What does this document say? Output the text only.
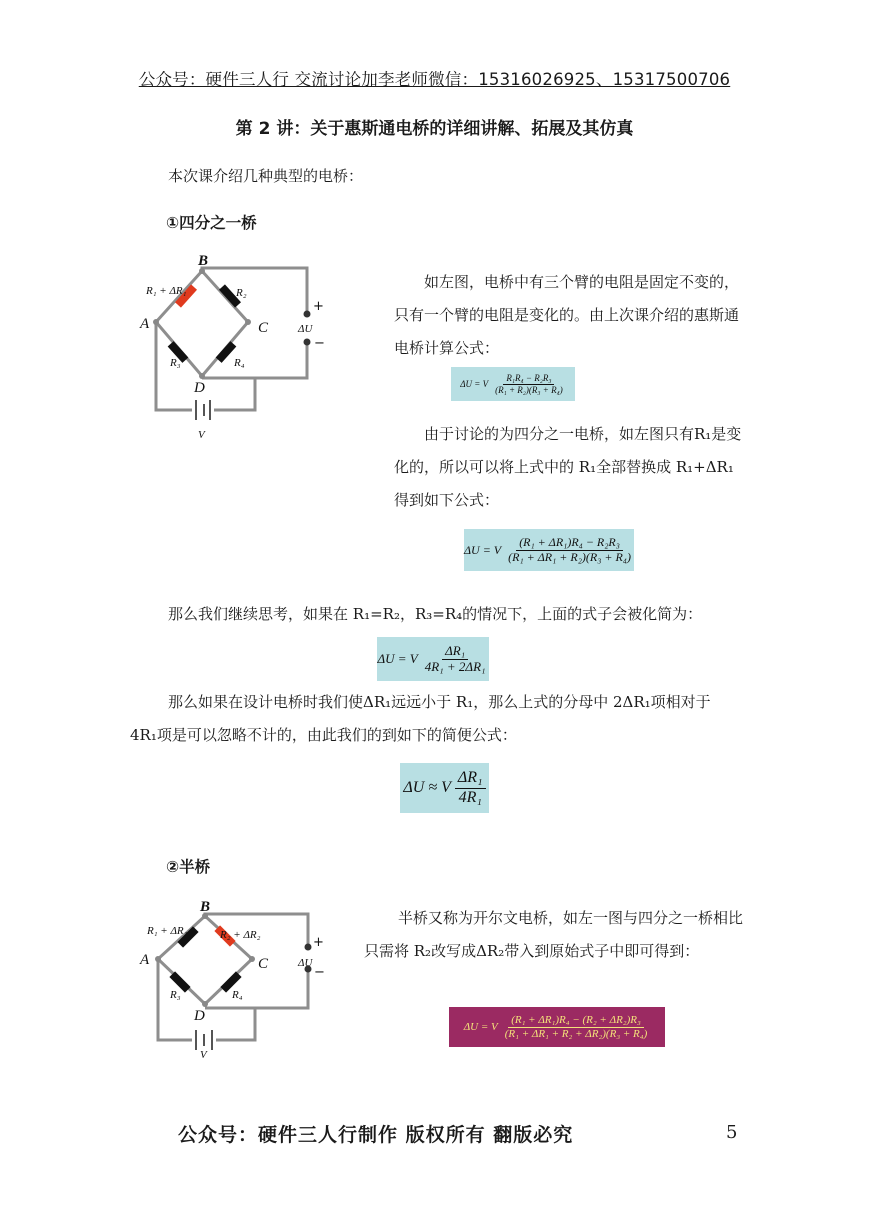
公众号：硬件三人行 交流讨论加李老师微信：15316026925、15317500706
第 2 讲：关于惠斯通电桥的详细讲解、拓展及其仿真
本次课介绍几种典型的电桥：
①四分之一桥
B
A	C
D
V
R₁ + ΔR₁	R₂
R₃	R₄
ΔU
+
−
如左图，电桥中有三个臂的电阻是固定不变的，只有一个臂的电阻是变化的。由上次课介绍的惠斯通电桥计算公式：
ΔU = V $\frac{\text{R₁R₄ − R₂R₃}}{\text{(R₁ + R₂)(R₃ + R₄)}}$
由于讨论的为四分之一电桥，如左图只有R₁是变化的，所以可以将上式中的 R₁全部替换成 R₁+ΔR₁得到如下公式：
ΔU = V $\frac{\text{(R₁ + ΔR₁)R₄ − R₂R₃}}{\text{(R₁ + ΔR₁ + R₂)(R₃ + R₄)}}$
那么我们继续思考，如果在 R₁=R₂，R₃=R₄的情况下，上面的式子会被化简为：
ΔU = V $\frac{\text{ΔR₁}}{\text{4R₁ + 2ΔR₁}}$
那么如果在设计电桥时我们使ΔR₁远远小于 R₁，那么上式的分母中 2ΔR₁项相对于 4R₁项是可以忽略不计的，由此我们的到如下的简便公式：
ΔU ≈ V $\frac{\text{ΔR₁}}{\text{4R₁}}$
②半桥
B
A	C
D
V
R₁ + ΔR₁	R₂ + ΔR₂
R₃	R₄
ΔU
+
−
半桥又称为开尔文电桥，如左一图与四分之一桥相比只需将 R₂改写成ΔR₂带入到原始式子中即可得到：
ΔU = V $\frac{\text{(R₁ + ΔR₁)R₄ − (R₂ + ΔR₂)R₃}}{\text{(R₁ + ΔR₁ + R₂ + ΔR₂)(R₃ + R₄)}}$
公众号：硬件三人行制作 版权所有 翻版必究	5
